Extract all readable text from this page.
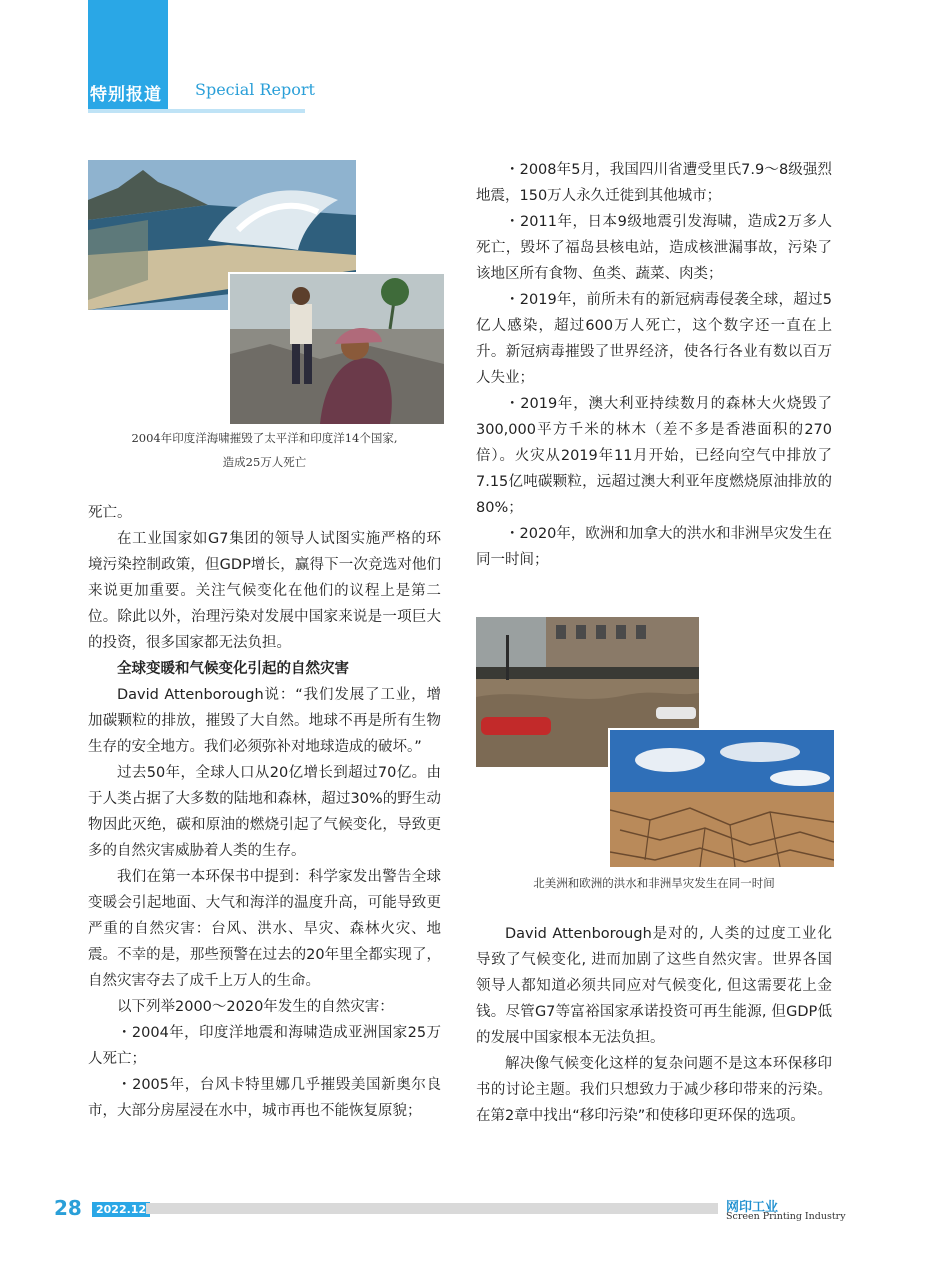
特别报道 Special Report
2004年印度洋海啸摧毁了太平洋和印度洋14个国家,
造成25万人死亡

死亡。

在工业国家如G7集团的领导人试图实施严格的环境污染控制政策，但GDP增长，赢得下一次竞选对他们来说更加重要。关注气候变化在他们的议程上是第二位。除此以外，治理污染对发展中国家来说是一项巨大的投资，很多国家都无法负担。

全球变暖和气候变化引起的自然灾害

David Attenborough说：“我们发展了工业，增加碳颗粒的排放，摧毁了大自然。地球不再是所有生物生存的安全地方。我们必须弥补对地球造成的破坏。”

过去50年，全球人口从20亿增长到超过70亿。由于人类占据了大多数的陆地和森林，超过30%的野生动物因此灭绝，碳和原油的燃烧引起了气候变化，导致更多的自然灾害威胁着人类的生存。

我们在第一本环保书中提到：科学家发出警告全球变暖会引起地面、大气和海洋的温度升高，可能导致更严重的自然灾害：台风、洪水、旱灾、森林火灾、地震。不幸的是，那些预警在过去的20年里全都实现了，自然灾害夺去了成千上万人的生命。

以下列举2000～2020年发生的自然灾害：

・2004年，印度洋地震和海啸造成亚洲国家25万人死亡；

・2005年，台风卡特里娜几乎摧毁美国新奥尔良市，大部分房屋浸在水中，城市再也不能恢复原貌；

・2008年5月，我国四川省遭受里氏7.9～8级强烈地震，150万人永久迁徙到其他城市；

・2011年，日本9级地震引发海啸，造成2万多人死亡，毁坏了福岛县核电站，造成核泄漏事故，污染了该地区所有食物、鱼类、蔬菜、肉类；

・2019年，前所未有的新冠病毒侵袭全球，超过5亿人感染，超过600万人死亡，这个数字还一直在上升。新冠病毒摧毁了世界经济，使各行各业有数以百万人失业；

・2019年，澳大利亚持续数月的森林大火烧毁了300,000平方千米的林木（差不多是香港面积的270倍）。火灾从2019年11月开始，已经向空气中排放了7.15亿吨碳颗粒，远超过澳大利亚年度燃烧原油排放的80%；

・2020年，欧洲和加拿大的洪水和非洲旱灾发生在同一时间；

北美洲和欧洲的洪水和非洲旱灾发生在同一时间

David Attenborough是对的, 人类的过度工业化导致了气候变化, 进而加剧了这些自然灾害。世界各国领导人都知道必须共同应对气候变化, 但这需要花上金钱。尽管G7等富裕国家承诺投资可再生能源, 但GDP低的发展中国家根本无法负担。

解决像气候变化这样的复杂问题不是这本环保移印书的讨论主题。我们只想致力于减少移印带来的污染。在第2章中找出“移印污染”和使移印更环保的选项。

28	2022.12	网印工业
Screen Printing Industry
